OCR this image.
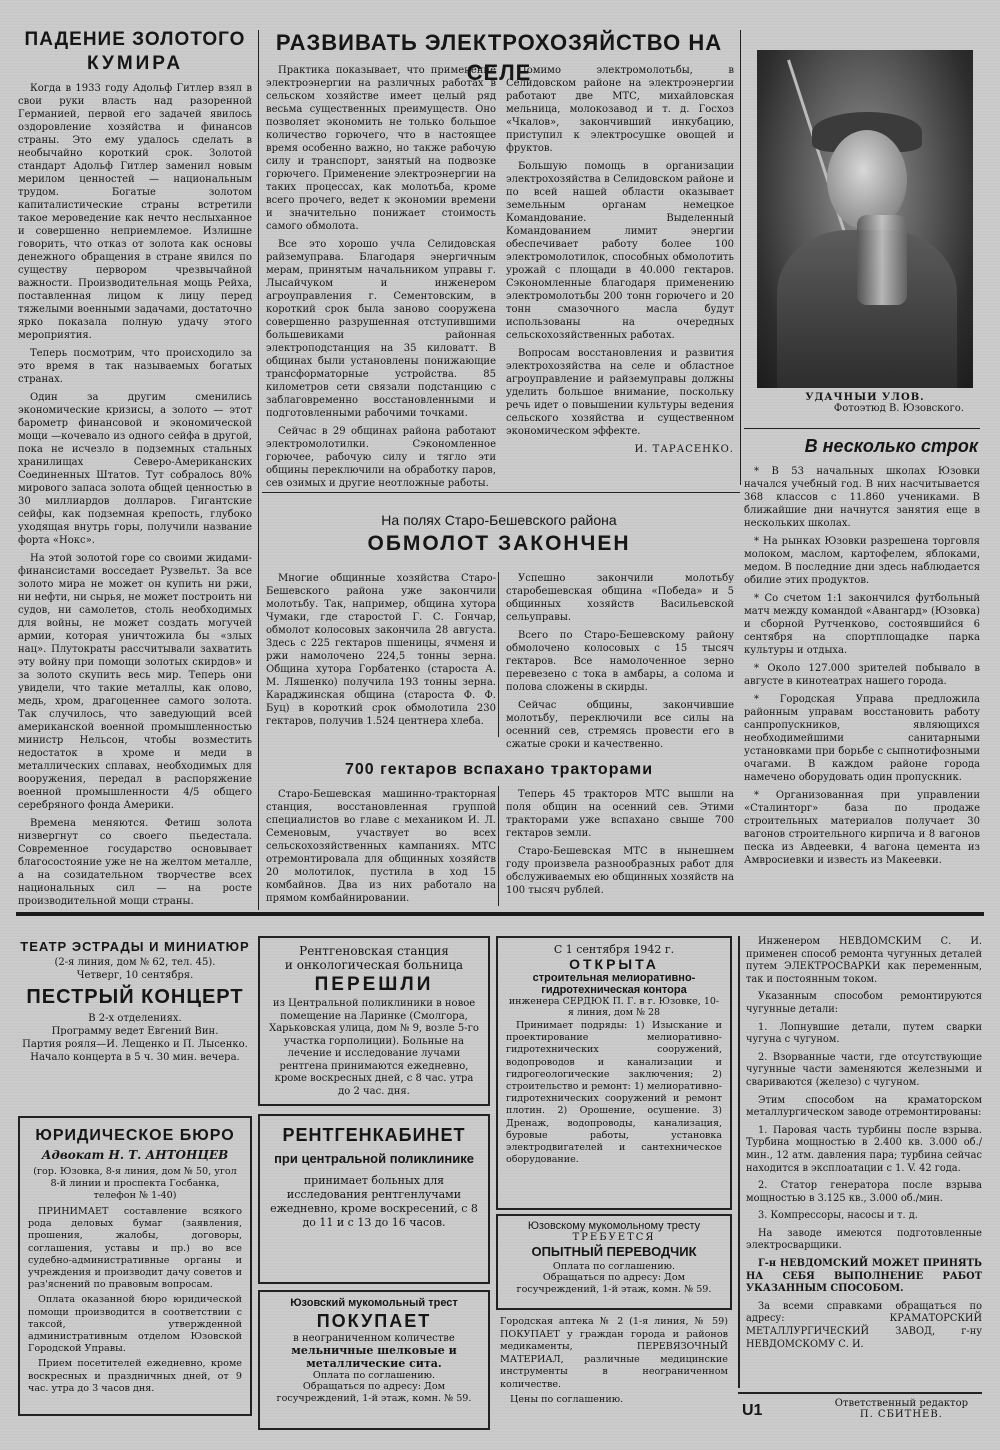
ПАДЕНИЕ ЗОЛОТОГО
КУМИРА

Когда в 1933 году Адольф Гитлер взял в свои руки власть над разоренной Германией, первой его задачей явилось оздоровление хозяйства и финансов страны. Это ему удалось сделать в необычайно короткий срок. Золотой стандарт Адольф Гитлер заменил новым мерилом ценностей — национальным трудом. Богатые золотом капиталистические страны встретили такое мероведение как нечто неслыханное и совершенно неприемлемое. Излишне говорить, что отказ от золота как основы денежного обращения в стране явился по существу первором чрезвычайной важности. Производительная мощь Рейха, поставленная лицом к лицу перед тяжелыми военными задачами, достаточно ярко показала полную удачу этого мероприятия.

Теперь посмотрим, что происходило за это время в так называемых богатых странах.

Один за другим сменились экономические кризисы, а золото — этот барометр финансовой и экономической мощи —кочевало из одного сейфа в другой, пока не исчезло в подземных стальных хранилищах Северо-Американских Соединенных Штатов. Тут собралось 80% мирового запаса золота общей ценностью в 30 миллиардов долларов. Гигантские сейфы, как подземная крепость, глубоко уходящая внутрь горы, получили название форта «Нокс».

На этой золотой горе со своими жидами-финансистами восседает Рузвельт. За все золото мира не может он купить ни ржи, ни нефти, ни сырья, не может построить ни судов, ни самолетов, столь необходимых для войны, не может создать могучей армии, которая уничтожила бы «злых нац». Плутократы рассчитывали захватить эту войну при помощи золотых скирдов» и за золото скупить весь мир. Теперь они увидели, что такие металлы, как олово, медь, хром, драгоценнее самого золота. Так случилось, что заведующий всей американской военной промышленностью министр Нельсон, чтобы возместить недостаток в хроме и меди в металлических сплавах, необходимых для вооружения, передал в распоряжение военной промышленности 4/5 общего серебряного фонда Америки.

Времена меняются. Фетиш золота низвергнут со своего пьедестала. Современное государство основывает благосостояние уже не на желтом металле, а на созидательном творчестве всех национальных сил — на росте производительной мощи страны.

РАЗВИВАТЬ ЭЛЕКТРОХОЗЯЙСТВО НА СЕЛЕ

Практика показывает, что применение электроэнергии на различных работах в сельском хозяйстве имеет целый ряд весьма существенных преимуществ. Оно позволяет экономить не только большое количество горючего, что в настоящее время особенно важно, но также рабочую силу и транспорт, занятый на подвозке горючего. Применение электроэнергии на таких процессах, как молотьба, кроме всего прочего, ведет к экономии времени и значительно понижает стоимость самого обмолота.

Все это хорошо учла Селидовская райземуправа. Благодаря энергичным мерам, принятым начальником управы г. Лысайчуком и инженером агроуправления г. Сементовским, в короткий срок была заново сооружена совершенно разрушенная отступившими большевиками районная электроподстанция на 35 киловатт. В общинах были установлены понижающие трансформаторные устройства. 85 километров сети связали подстанцию с заблаговременно восстановленными и подготовленными рабочими точками.

Сейчас в 29 общинах района работают электромолотилки. Сэкономленное горючее, рабочую силу и тягло эти общины переключили на обработку паров, сев озимых и другие неотложные работы.

Помимо электромолотьбы, в Селидовском районе на электроэнергии работают две МТС, михайловская мельница, молокозавод и т. д. Госхоз «Чкалов», закончивший инкубацию, приступил к электросушке овощей и фруктов.

Большую помощь в организации электрохозяйства в Селидовском районе и по всей нашей области оказывает земельным органам немецкое Командование. Выделенный Командованием лимит энергии обеспечивает работу более 100 электромолотилок, способных обмолотить урожай с площади в 40.000 гектаров. Сэкономленные благодаря применению электромолотьбы 200 тонн горючего и 20 тонн смазочного масла будут использованы на очередных сельскохозяйственных работах.

Вопросам восстановления и развития электрохозяйства на селе и областное агроуправление и райземуправы должны уделить большое внимание, поскольку речь идет о повышении культуры ведения сельского хозяйства и существенном экономическом эффекте.

И. ТАРАСЕНКО.
УДАЧНЫЙ УЛОВ.
Фотоэтюд В. Юзовского.
В несколько строк
* В 53 начальных школах Юзовки начался учебный год. В них насчитывается 368 классов с 11.860 учениками. В ближайшие дни начнутся занятия еще в нескольких школах.
* На рынках Юзовки разрешена торговля молоком, маслом, картофелем, яблоками, медом. В последние дни здесь наблюдается обилие этих продуктов.
* Со счетом 1:1 закончился футбольный матч между командой «Авангард» (Юзовка) и сборной Рутченково, состоявшийся 6 сентября на спортплощадке парка культуры и отдыха.
* Около 127.000 зрителей побывало в августе в кинотеатрах нашего города.
* Городская Управа предложила районным управам восстановить работу санпропускников, являющихся необходимейшими санитарными установками при борьбе с сыпнотифозными очагами. В каждом районе города намечено оборудовать один пропускник.
* Организованная при управлении «Сталинторг» база по продаже строительных материалов получает 30 вагонов строительного кирпича и 8 вагонов песка из Авдеевки, 4 вагона цемента из Амвросиевки и известь из Макеевки.
На полях Старо-Бешевского района
ОБМОЛОТ ЗАКОНЧЕН

Многие общинные хозяйства Старо-Бешевского района уже закончили молотьбу. Так, например, община хутора Чумаки, где старостой Г. С. Гончар, обмолот колосовых закончила 28 августа. Здесь с 225 гектаров пшеницы, ячменя и ржи намолочено 224,5 тонны зерна. Община хутора Горбатенко (староста А. М. Ляшенко) получила 193 тонны зерна. Караджинская община (староста Ф. Ф. Буц) в короткий срок обмолотила 230 гектаров, получив 1.524 центнера хлеба.

Успешно закончили молотьбу старобешевская община «Победа» и 5 общинных хозяйств Васильевской сельуправы.

Всего по Старо-Бешевскому району обмолочено колосовых с 15 тысяч гектаров. Все намолоченное зерно перевезено с тока в амбары, а солома и полова сложены в скирды.

Сейчас общины, закончившие молотьбу, переключили все силы на осенний сев, стремясь провести его в сжатые сроки и качественно.

700 гектаров вспахано тракторами

Старо-Бешевская машинно-тракторная станция, восстановленная группой специалистов во главе с механиком И. Л. Семеновым, участвует во всех сельскохозяйственных кампаниях. МТС отремонтировала для общинных хозяйств 20 молотилок, пустила в ход 15 комбайнов. Два из них работало на прямом комбайнировании.

Теперь 45 тракторов МТС вышли на поля общин на осенний сев. Этими тракторами уже вспахано свыше 700 гектаров земли.

Старо-Бешевская МТС в нынешнем году произвела разнообразных работ для обслуживаемых ею общинных хозяйств на 100 тысяч рублей.

ТЕАТР ЭСТРАДЫ И МИНИАТЮР
(2-я линия, дом № 62, тел. 45).
Четверг, 10 сентября.
ПЕСТРЫЙ КОНЦЕРТ
В 2-х отделениях.
Программу ведет Евгений Вин.
Партия рояля—И. Лещенко и П. Лысенко.
Начало концерта в 5 ч. 30 мин. вечера.
Рентгеновская станция
и онкологическая больница
ПЕРЕШЛИ
из Центральной поликлиники в новое помещение на Ларинке (Смолгора, Харьковская улица, дом № 9, возле 5-го участка горполиции). Больные на лечение и исследование лучами рентгена принимаются ежедневно, кроме воскресных дней, с 8 час. утра до 2 час. дня.
С 1 сентября 1942 г.
ОТКРЫТА
строительная мелиоративно-
гидротехническая контора
инженера СЕРДЮК П. Г. в г. Юзовке, 10-я линия, дом № 28
Принимает подряды: 1) Изыскание и проектирование мелиоративно-гидротехнических сооружений, водопроводов и канализации и гидрогеологические заключения; 2) строительство и ремонт: 1) мелиоративно-гидротехнических сооружений и ремонт плотин. 2) Орошение, осушение. 3) Дренаж, водопроводы, канализация, буровые работы, установка электродвигателей и сантехническое оборудование.

Инженером НЕВДОМСКИМ С. И. применен способ ремонта чугунных деталей путем ЭЛЕКТРОСВАРКИ как переменным, так и постоянным током.

Указанным способом ремонтируются чугунные детали:

1. Лопнувшие детали, путем сварки чугуна с чугуном.

2. Взорванные части, где отсутствующие чугунные части заменяются железными и свариваются (железо) с чугуном.

Этим способом на краматорском металлургическом заводе отремонтированы:

1. Паровая часть турбины после взрыва. Турбина мощностью в 2.400 кв. 3.000 об./мин., 12 атм. давления пара; турбина сейчас находится в эксплоатации с 1. V. 42 года.

2. Статор генератора после взрыва мощностью в 3.125 кв., 3.000 об./мин.

3. Компрессоры, насосы и т. д.

На заводе имеются подготовленные электросварщики.

Г-н НЕВДОМСКИЙ МОЖЕТ ПРИНЯТЬ НА СЕБЯ ВЫПОЛНЕНИЕ РАБОТ УКАЗАННЫМ СПОСОБОМ.

За всеми справками обращаться по адресу: КРАМАТОРСКИЙ МЕТАЛЛУРГИЧЕСКИЙ ЗАВОД, г-ну НЕВДОМСКОМУ С. И.

ЮРИДИЧЕСКОЕ БЮРО
Адвокат Н. Т. АНТОНЦЕВ
(гор. Юзовка, 8-я линия, дом № 50, угол 8-й линии и проспекта Госбанка, телефон № 1-40)

ПРИНИМАЕТ составление всякого рода деловых бумаг (заявления, прошения, жалобы, договоры, соглашения, уставы и пр.) во все судебно-административные органы и учреждения и производит дачу советов и раз'яснений по правовым вопросам.

Оплата оказанной бюро юридической помощи производится в соответствии с таксой, утвержденной административным отделом Юзовской Городской Управы.

Прием посетителей ежедневно, кроме воскресных и праздничных дней, от 9 час. утра до 3 часов дня.

РЕНТГЕНКАБИНЕТ
при центральной поликлинике
принимает больных для исследования рентгенлучами ежедневно, кроме воскресений, с 8 до 11 и с 13 до 16 часов.	Юзовскому мукомольному тресту
ТРЕБУЕТСЯ
ОПЫТНЫЙ ПЕРЕВОДЧИК
Оплата по соглашению.
Обращаться по адресу: Дом госучреждений, 1-й этаж, комн. № 59.
Юзовский мукомольный трест
ПОКУПАЕТ
в неограниченном количестве
мельничные шелковые и металлические сита.
Оплата по соглашению.
Обращаться по адресу: Дом госучреждений, 1-й этаж, комн. № 59.
Городская аптека № 2 (1-я линия, № 59) ПОКУПАЕТ у граждан города и районов медикаменты, ПЕРЕВЯЗОЧНЫЙ МАТЕРИАЛ, различные медицинские инструменты в неограниченном количестве.
Цены по соглашению.
U1	Ответственный редактор
П. СБИТНЕВ.
